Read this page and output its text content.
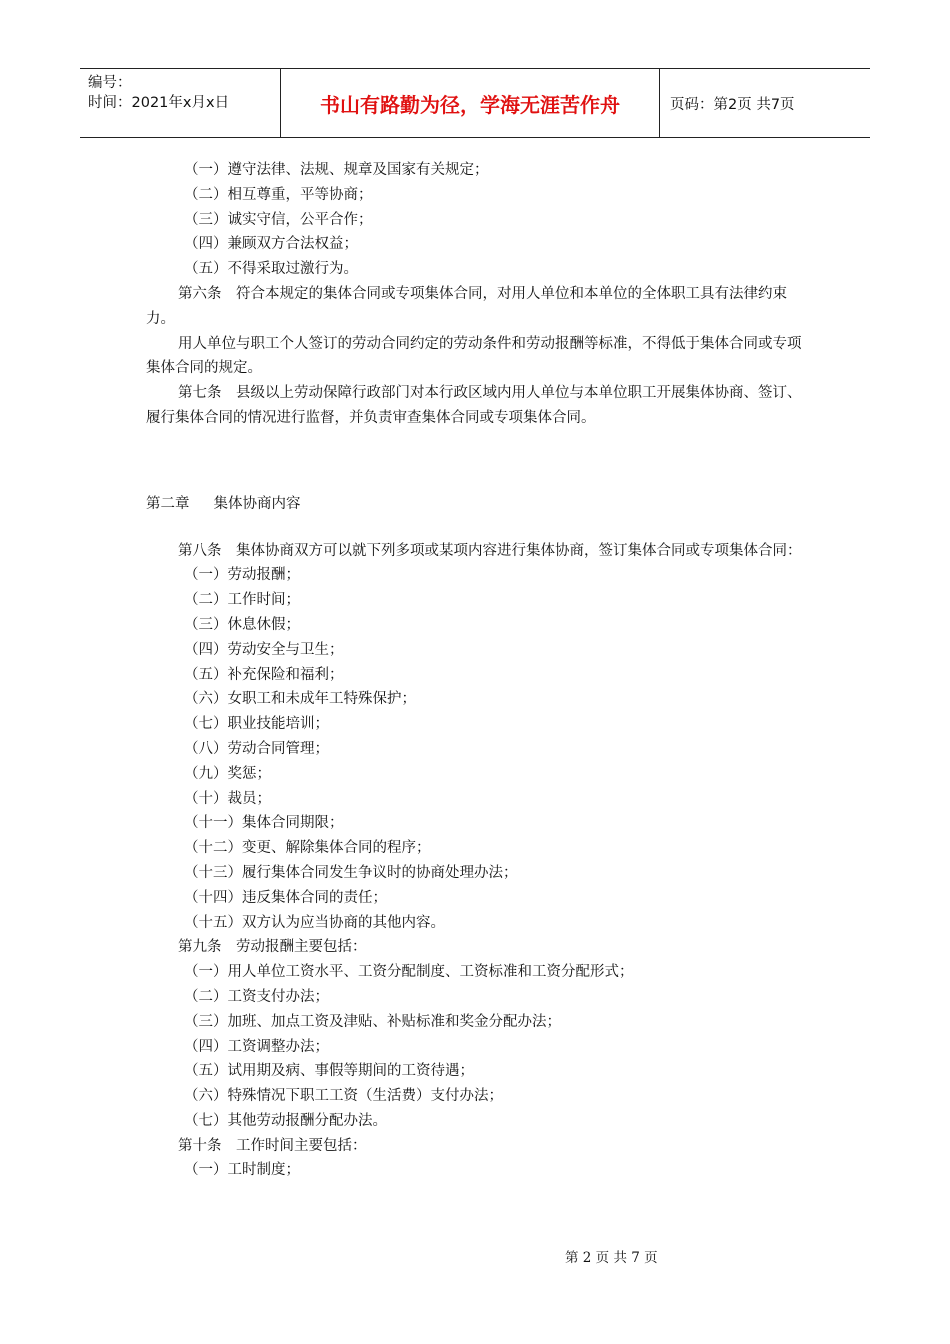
编号：
时间：2021年x月x日	书山有路勤为径，学海无涯苦作舟	页码：第2页 共7页

（一）遵守法律、法规、规章及国家有关规定；

（二）相互尊重，平等协商；

（三）诚实守信，公平合作；

（四）兼顾双方合法权益；

（五）不得采取过激行为。

第六条　符合本规定的集体合同或专项集体合同，对用人单位和本单位的全体职工具有法律约束力。

用人单位与职工个人签订的劳动合同约定的劳动条件和劳动报酬等标准，不得低于集体合同或专项集体合同的规定。

第七条　县级以上劳动保障行政部门对本行政区域内用人单位与本单位职工开展集体协商、签订、履行集体合同的情况进行监督，并负责审查集体合同或专项集体合同。

第二章 集体协商内容

第八条　集体协商双方可以就下列多项或某项内容进行集体协商，签订集体合同或专项集体合同：

（一）劳动报酬；

（二）工作时间；

（三）休息休假；

（四）劳动安全与卫生；

（五）补充保险和福利；

（六）女职工和未成年工特殊保护；

（七）职业技能培训；

（八）劳动合同管理；

（九）奖惩；

（十）裁员；

（十一）集体合同期限；

（十二）变更、解除集体合同的程序；

（十三）履行集体合同发生争议时的协商处理办法；

（十四）违反集体合同的责任；

（十五）双方认为应当协商的其他内容。

第九条　劳动报酬主要包括：

（一）用人单位工资水平、工资分配制度、工资标准和工资分配形式；

（二）工资支付办法；

（三）加班、加点工资及津贴、补贴标准和奖金分配办法；

（四）工资调整办法；

（五）试用期及病、事假等期间的工资待遇；

（六）特殊情况下职工工资（生活费）支付办法；

（七）其他劳动报酬分配办法。

第十条　工作时间主要包括：

（一）工时制度；

第 2 页 共 7 页
